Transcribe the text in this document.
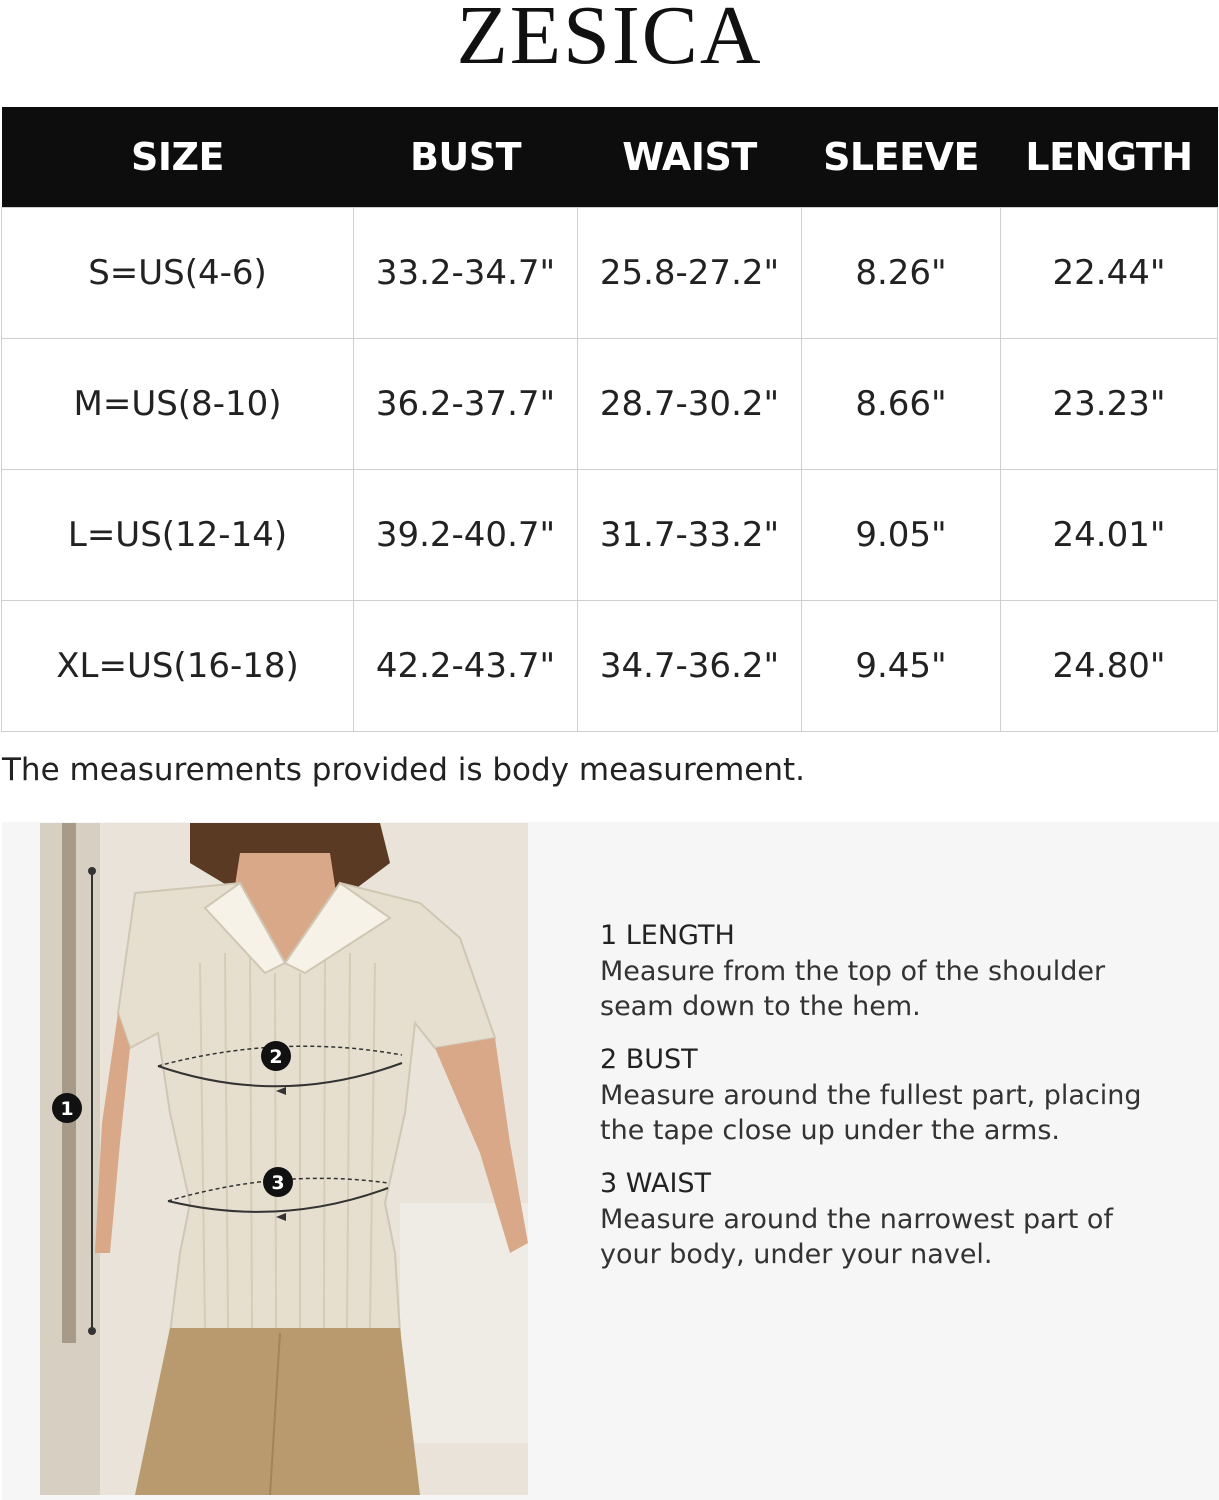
ZESICA
SIZE	BUST	WAIST	SLEEVE	LENGTH
S=US(4-6)	33.2-34.7"	25.8-27.2"	8.26"	22.44"
M=US(8-10)	36.2-37.7"	28.7-30.2"	8.66"	23.23"
L=US(12-14)	39.2-40.7"	31.7-33.2"	9.05"	24.01"
XL=US(16-18)	42.2-43.7"	34.7-36.2"	9.45"	24.80"
The measurements provided is body measurement.
1
2
3
1 LENGTH
Measure from the top of the shoulder
seam down to the hem.
2 BUST
Measure around the fullest part, placing
the tape close up under the arms.
3 WAIST
Measure around the narrowest part of
your body, under your navel.
